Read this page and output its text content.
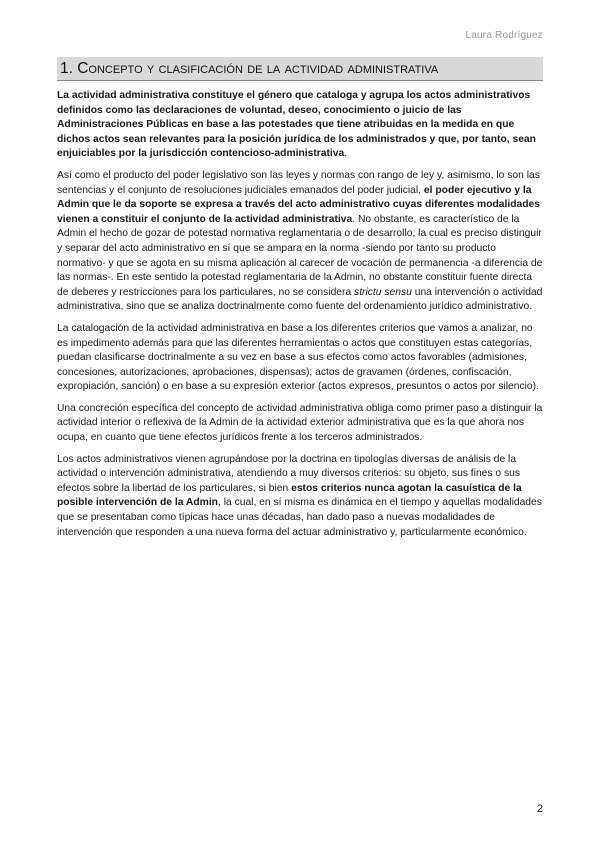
Laura Rodríguez
1. Concepto y clasificación de la actividad administrativa

La actividad administrativa constituye el género que cataloga y agrupa los actos administrativos definidos como las declaraciones de voluntad, deseo, conocimiento o juicio de las Administraciones Públicas en base a las potestades que tiene atribuidas en la medida en que dichos actos sean relevantes para la posición jurídica de los administrados y que, por tanto, sean enjuiciables por la jurisdicción contencioso-administrativa.

Así como el producto del poder legislativo son las leyes y normas con rango de ley y, asimismo, lo son las sentencias y el conjunto de resoluciones judiciales emanados del poder judicial, el poder ejecutivo y la Admin que le da soporte se expresa a través del acto administrativo cuyas diferentes modalidades vienen a constituir el conjunto de la actividad administrativa. No obstante, es característico de la Admin el hecho de gozar de potestad normativa reglamentaria o de desarrollo, la cual es preciso distinguir y separar del acto administrativo en sí que se ampara en la norma -siendo por tanto su producto normativo- y que se agota en su misma aplicación al carecer de vocación de permanencia -a diferencia de las normas-. En este sentido la potestad reglamentaria de la Admin, no obstante constituir fuente directa de deberes y restricciones para los particulares, no se considera strictu sensu una intervención o actividad administrativa, sino que se analiza doctrinalmente como fuente del ordenamiento jurídico administrativo.

La catalogación de la actividad administrativa en base a los diferentes criterios que vamos a analizar, no es impedimento además para que las diferentes herramientas o actos que constituyen estas categorías, puedan clasificarse doctrinalmente a su vez en base a sus efectos como actos favorables (admisiones, concesiones, autorizaciones, aprobaciones, dispensas); actos de gravamen (órdenes, confiscación, expropiación, sanción) o en base a su expresión exterior (actos expresos, presuntos o actos por silencio).

Una concreción específica del concepto de actividad administrativa obliga como primer paso a distinguir la actividad interior o reflexiva de la Admin de la actividad exterior administrativa que es la que ahora nos ocupa, en cuanto que tiene efectos jurídicos frente a los terceros administrados.

Los actos administrativos vienen agrupándose por la doctrina en tipologías diversas de análisis de la actividad o intervención administrativa, atendiendo a muy diversos criterios: su objeto, sus fines o sus efectos sobre la libertad de los particulares, si bien estos criterios nunca agotan la casuística de la posible intervención de la Admin, la cual, en sí misma es dinámica en el tiempo y aquellas modalidades que se presentaban como típicas hace unas décadas, han dado paso a nuevas modalidades de intervención que responden a una nueva forma del actuar administrativo y, particularmente económico.

2
